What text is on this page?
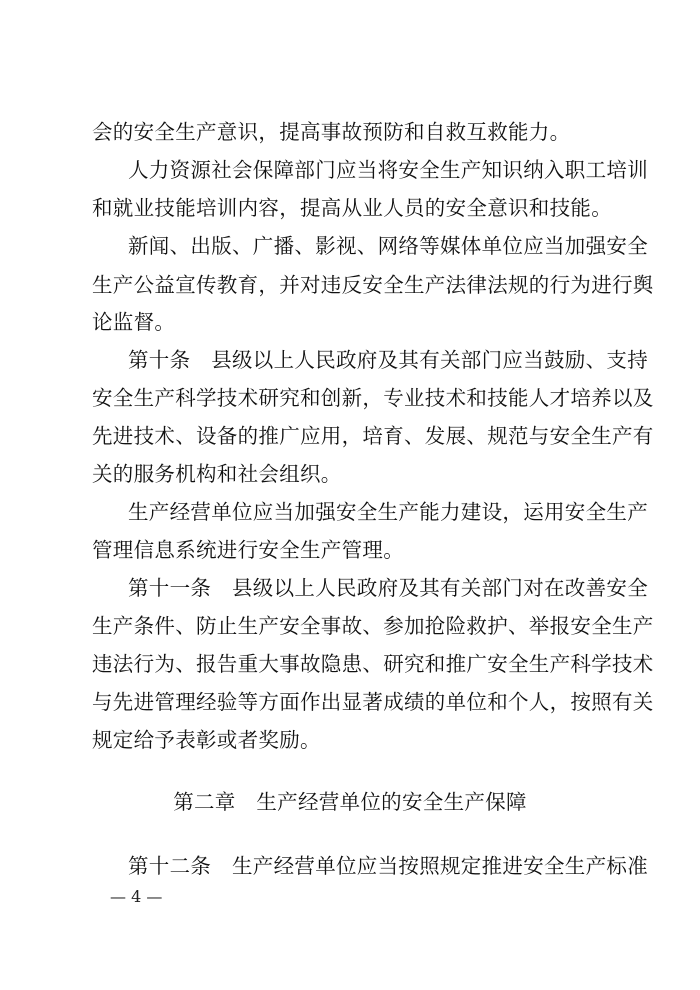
会的安全生产意识，提高事故预防和自救互救能力。
人力资源社会保障部门应当将安全生产知识纳入职工培训
和就业技能培训内容，提高从业人员的安全意识和技能。
新闻、出版、广播、影视、网络等媒体单位应当加强安全
生产公益宣传教育，并对违反安全生产法律法规的行为进行舆
论监督。
第十条　县级以上人民政府及其有关部门应当鼓励、支持
安全生产科学技术研究和创新，专业技术和技能人才培养以及
先进技术、设备的推广应用，培育、发展、规范与安全生产有
关的服务机构和社会组织。
生产经营单位应当加强安全生产能力建设，运用安全生产
管理信息系统进行安全生产管理。
第十一条　县级以上人民政府及其有关部门对在改善安全
生产条件、防止生产安全事故、参加抢险救护、举报安全生产
违法行为、报告重大事故隐患、研究和推广安全生产科学技术
与先进管理经验等方面作出显著成绩的单位和个人，按照有关
规定给予表彰或者奖励。
第二章　生产经营单位的安全生产保障
第十二条　生产经营单位应当按照规定推进安全生产标准
— 4 —
